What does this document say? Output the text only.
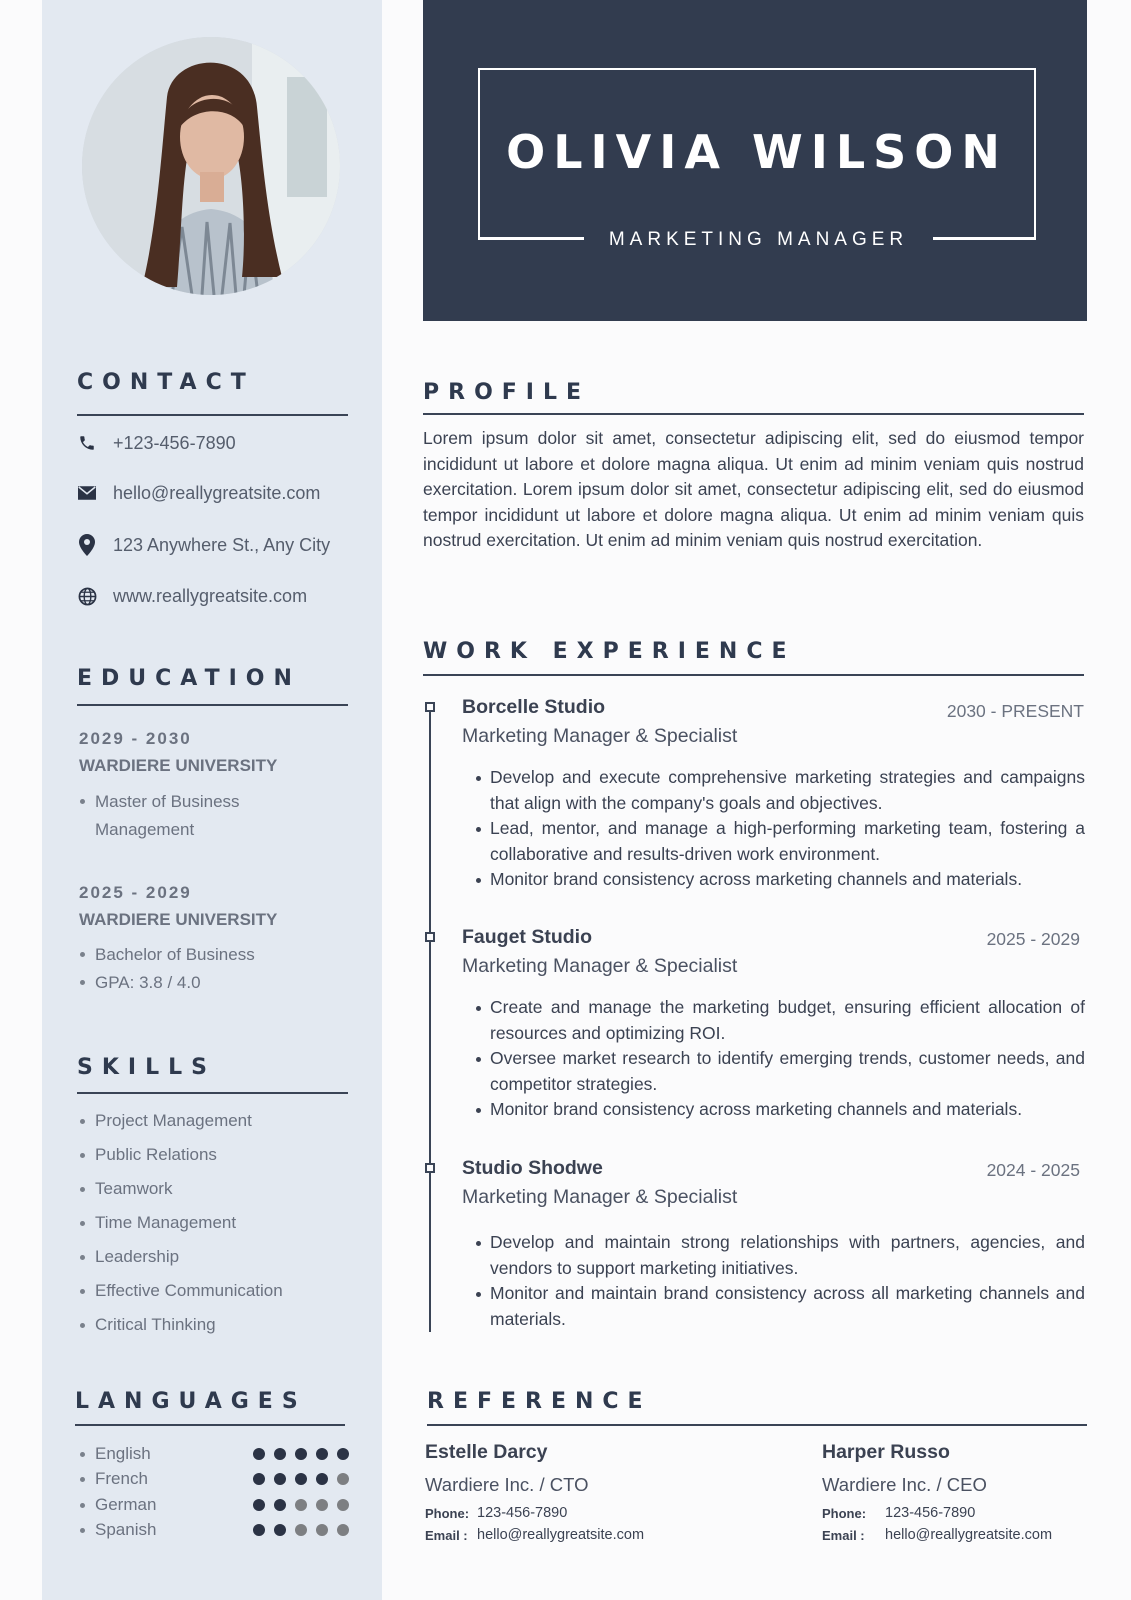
CONTACT
+123-456-7890
hello@reallygreatsite.com
123 Anywhere St., Any City
www.reallygreatsite.com
EDUCATION
2029 - 2030
WARDIERE UNIVERSITY
Master of Business Management
2025 - 2029
WARDIERE UNIVERSITY
Bachelor of Business
GPA: 3.8 / 4.0
SKILLS
Project Management
Public Relations
Teamwork
Time Management
Leadership
Effective Communication
Critical Thinking
LANGUAGES
English
French
German
Spanish
OLIVIA WILSON
MARKETING MANAGER
PROFILE
Lorem ipsum dolor sit amet, consectetur adipiscing elit, sed do eiusmod tempor incididunt ut labore et dolore magna aliqua. Ut enim ad minim veniam quis nostrud exercitation. Lorem ipsum dolor sit amet, consectetur adipiscing elit, sed do eiusmod tempor incididunt ut labore et dolore magna aliqua. Ut enim ad minim veniam quis nostrud exercitation. Ut enim ad minim veniam quis nostrud exercitation.
WORK EXPERIENCE
Borcelle Studio	2030 - PRESENT
Marketing Manager & Specialist
Develop and execute comprehensive marketing strategies and campaigns that align with the company's goals and objectives.
Lead, mentor, and manage a high-performing marketing team, fostering a collaborative and results-driven work environment.
Monitor brand consistency across marketing channels and materials.
Fauget Studio	2025 - 2029
Marketing Manager & Specialist
Create and manage the marketing budget, ensuring efficient allocation of resources and optimizing ROI.
Oversee market research to identify emerging trends, customer needs, and competitor strategies.
Monitor brand consistency across marketing channels and materials.
Studio Shodwe	2024 - 2025
Marketing Manager & Specialist
Develop and maintain strong relationships with partners, agencies, and vendors to support marketing initiatives.
Monitor and maintain brand consistency across all marketing channels and materials.
REFERENCE
Estelle Darcy
Wardiere Inc. / CTO
Phone: 123-456-7890
Email : hello@reallygreatsite.com
Harper Russo
Wardiere Inc. / CEO
Phone:	123-456-7890
Email :	hello@reallygreatsite.com
